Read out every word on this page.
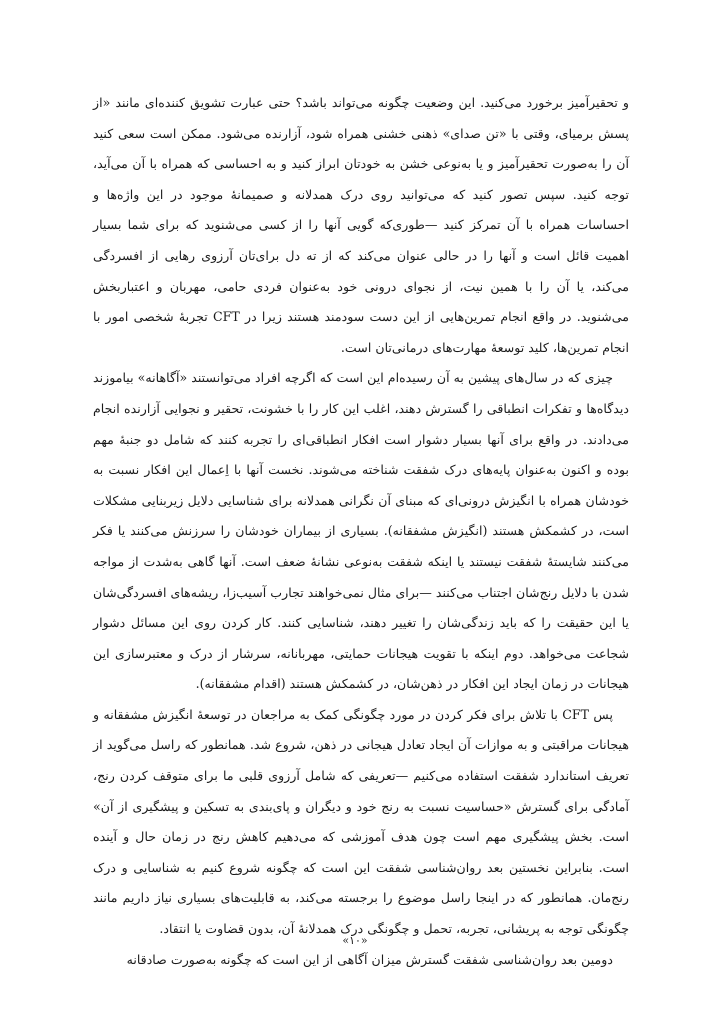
و تحقیرآمیز برخورد می‌کنید. این وضعیت چگونه می‌تواند باشد؟ حتی عبارت تشویق کننده‌ای مانند «از پسش برمیای، وقتی با «تن صدای» ذهنی خشنی همراه شود، آزارنده می‌شود. ممکن است سعی کنید آن را به‌صورت تحقیرآمیز و یا به‌نوعی خشن به خودتان ابراز کنید و به احساسی که همراه با آن می‌آید، توجه کنید. سپس تصور کنید که می‌توانید روی درک همدلانه و صمیمانهٔ موجود در این واژه‌ها و احساسات همراه با آن تمرکز کنید —طوری‌که گویی آنها را از کسی می‌شنوید که برای شما بسیار اهمیت قائل است و آنها را در حالی عنوان می‌کند که از ته دل برای‌تان آرزوی رهایی از افسردگی می‌کند، یا آن را با همین نیت، از نجوای درونی خود به‌عنوان فردی حامی، مهربان و اعتباربخش می‌شنوید. در واقع انجام تمرین‌هایی از این دست سودمند هستند زیرا در CFT تجربهٔ شخصی امور با انجام تمرین‌ها، کلید توسعهٔ مهارت‌های درمانی‌تان است.

چیزی که در سال‌های پیشین به آن رسیده‌ام این است که اگرچه افراد می‌توانستند «آگاهانه» بیاموزند دیدگاه‌ها و تفکرات انطباقی را گسترش دهند، اغلب این کار را با خشونت، تحقیر و نجوایی آزارنده انجام می‌دادند. در واقع برای آنها بسیار دشوار است افکار انطباقی‌ای را تجربه کنند که شامل دو جنبهٔ مهم بوده و اکنون به‌عنوان پایه‌های درک شفقت شناخته می‌شوند. نخست آنها با اِعمال این افکار نسبت به خودشان همراه با انگیزش درونی‌ای که مبنای آن نگرانی همدلانه برای شناسایی دلایل زیربنایی مشکلات است، در کشمکش هستند (انگیزش مشفقانه). بسیاری از بیماران خودشان را سرزنش می‌کنند یا فکر می‌کنند شایستهٔ شفقت نیستند یا اینکه شفقت به‌نوعی نشانهٔ ضعف است. آنها گاهی به‌شدت از مواجه شدن با دلایل رنج‌شان اجتناب می‌کنند —برای مثال نمی‌خواهند تجارب آسیب‌زا، ریشه‌های افسردگی‌شان یا این حقیقت را که باید زندگی‌شان را تغییر دهند، شناسایی کنند. کار کردن روی این مسائل دشوار شجاعت می‌خواهد. دوم اینکه با تقویت هیجانات حمایتی، مهربانانه، سرشار از درک و معتبرسازی این هیجانات در زمان ایجاد این افکار در ذهن‌شان، در کشمکش هستند (اقدام مشفقانه).

پس CFT با تلاش برای فکر کردن در مورد چگونگی کمک به مراجعان در توسعهٔ انگیزش مشفقانه و هیجانات مراقبتی و به موازات آن ایجاد تعادل هیجانی در ذهن، شروع شد. همانطور که راسل می‌گوید از تعریف استاندارد شفقت استفاده می‌کنیم —تعریفی که شامل آرزوی قلبی ما برای متوقف کردن رنج، آمادگی برای گسترش «حساسیت نسبت به رنج خود و دیگران و پای‌بندی به تسکین و پیشگیری از آن» است. بخش پیشگیری مهم است چون هدف آموزشی که می‌دهیم کاهش رنج در زمان حال و آینده است. بنابراین نخستین بعد روان‌شناسی شفقت این است که چگونه شروع کنیم به شناسایی و درک رنج‌مان. همانطور که در اینجا راسل موضوع را برجسته می‌کند، به قابلیت‌های بسیاری نیاز داریم مانند چگونگی توجه به پریشانی، تجربه، تحمل و چگونگی درک همدلانهٔ آن، بدون قضاوت یا انتقاد.

دومین بعد روان‌شناسی شفقت گسترش میزان آگاهی از این است که چگونه به‌صورت صادقانه

«۱۰»
